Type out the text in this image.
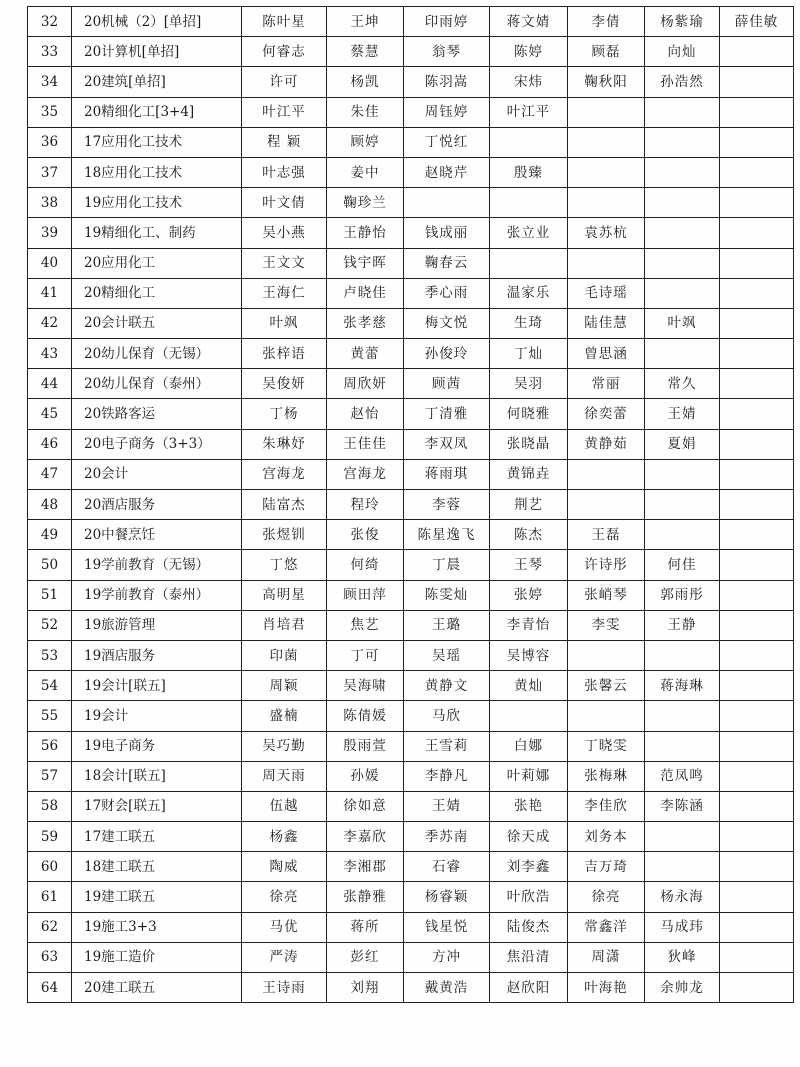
32	20机械（2）[单招]	陈叶星	王坤	印雨婷	蒋文婧	李倩	杨紫瑜	薛佳敏
33	20计算机[单招]	何睿志	蔡慧	翁琴	陈婷	顾磊	向灿	
34	20建筑[单招]	许可	杨凯	陈羽嵩	宋炜	鞠秋阳	孙浩然	
35	20精细化工[3+4]	叶江平	朱佳	周钰婷	叶江平			
36	17应用化工技术	程 颖	顾婷	丁悦红				
37	18应用化工技术	叶志强	姜中	赵晓芹	殷臻			
38	19应用化工技术	叶文倩	鞠珍兰					
39	19精细化工、制药	吴小燕	王静怡	钱成丽	张立业	袁苏杭		
40	20应用化工	王文文	钱宇晖	鞠春云				
41	20精细化工	王海仁	卢晓佳	季心雨	温家乐	毛诗瑶		
42	20会计联五	叶飒	张孝慈	梅文悦	生琦	陆佳慧	叶飒	
43	20幼儿保育（无锡）	张梓语	黄蕾	孙俊玲	丁灿	曾思涵		
44	20幼儿保育（泰州）	吴俊妍	周欣妍	顾茜	吴羽	常丽	常久	
45	20铁路客运	丁杨	赵怡	丁清雅	何晓雅	徐奕蕾	王婧	
46	20电子商务（3+3）	朱琳妤	王佳佳	李双凤	张晓晶	黄静茹	夏娟	
47	20会计	宫海龙	宫海龙	蒋雨琪	黄锦垚			
48	20酒店服务	陆富杰	程玲	李蓉	荆艺			
49	20中餐烹饪	张煜钏	张俊	陈星逸飞	陈杰	王磊		
50	19学前教育（无锡）	丁悠	何绮	丁晨	王琴	许诗彤	何佳	
51	19学前教育（泰州）	高明星	顾田萍	陈雯灿	张婷	张峭琴	郭雨彤	
52	19旅游管理	肖培君	焦艺	王璐	李青怡	李雯	王静	
53	19酒店服务	印菌	丁可	吴瑶	吴博容			
54	19会计[联五]	周颖	吴海啸	黄静文	黄灿	张馨云	蒋海琳	
55	19会计	盛楠	陈倩媛	马欣				
56	19电子商务	吴巧勤	殷雨萱	王雪莉	白娜	丁晓雯		
57	18会计[联五]	周天雨	孙媛	李静凡	叶莉娜	张梅琳	范凤鸣	
58	17财会[联五]	伍越	徐如意	王婧	张艳	李佳欣	李陈涵	
59	17建工联五	杨鑫	李嘉欣	季苏南	徐天成	刘务本		
60	18建工联五	陶威	李湘郡	石睿	刘李鑫	吉万琦		
61	19建工联五	徐亮	张静雅	杨睿颖	叶欣浩	徐亮	杨永海	
62	19施工3+3	马优	蒋所	钱星悦	陆俊杰	常鑫洋	马成玮	
63	19施工造价	严涛	彭红	方冲	焦沿清	周潇	狄峰	
64	20建工联五	王诗雨	刘翔	戴黄浩	赵欣阳	叶海艳	余帅龙	
